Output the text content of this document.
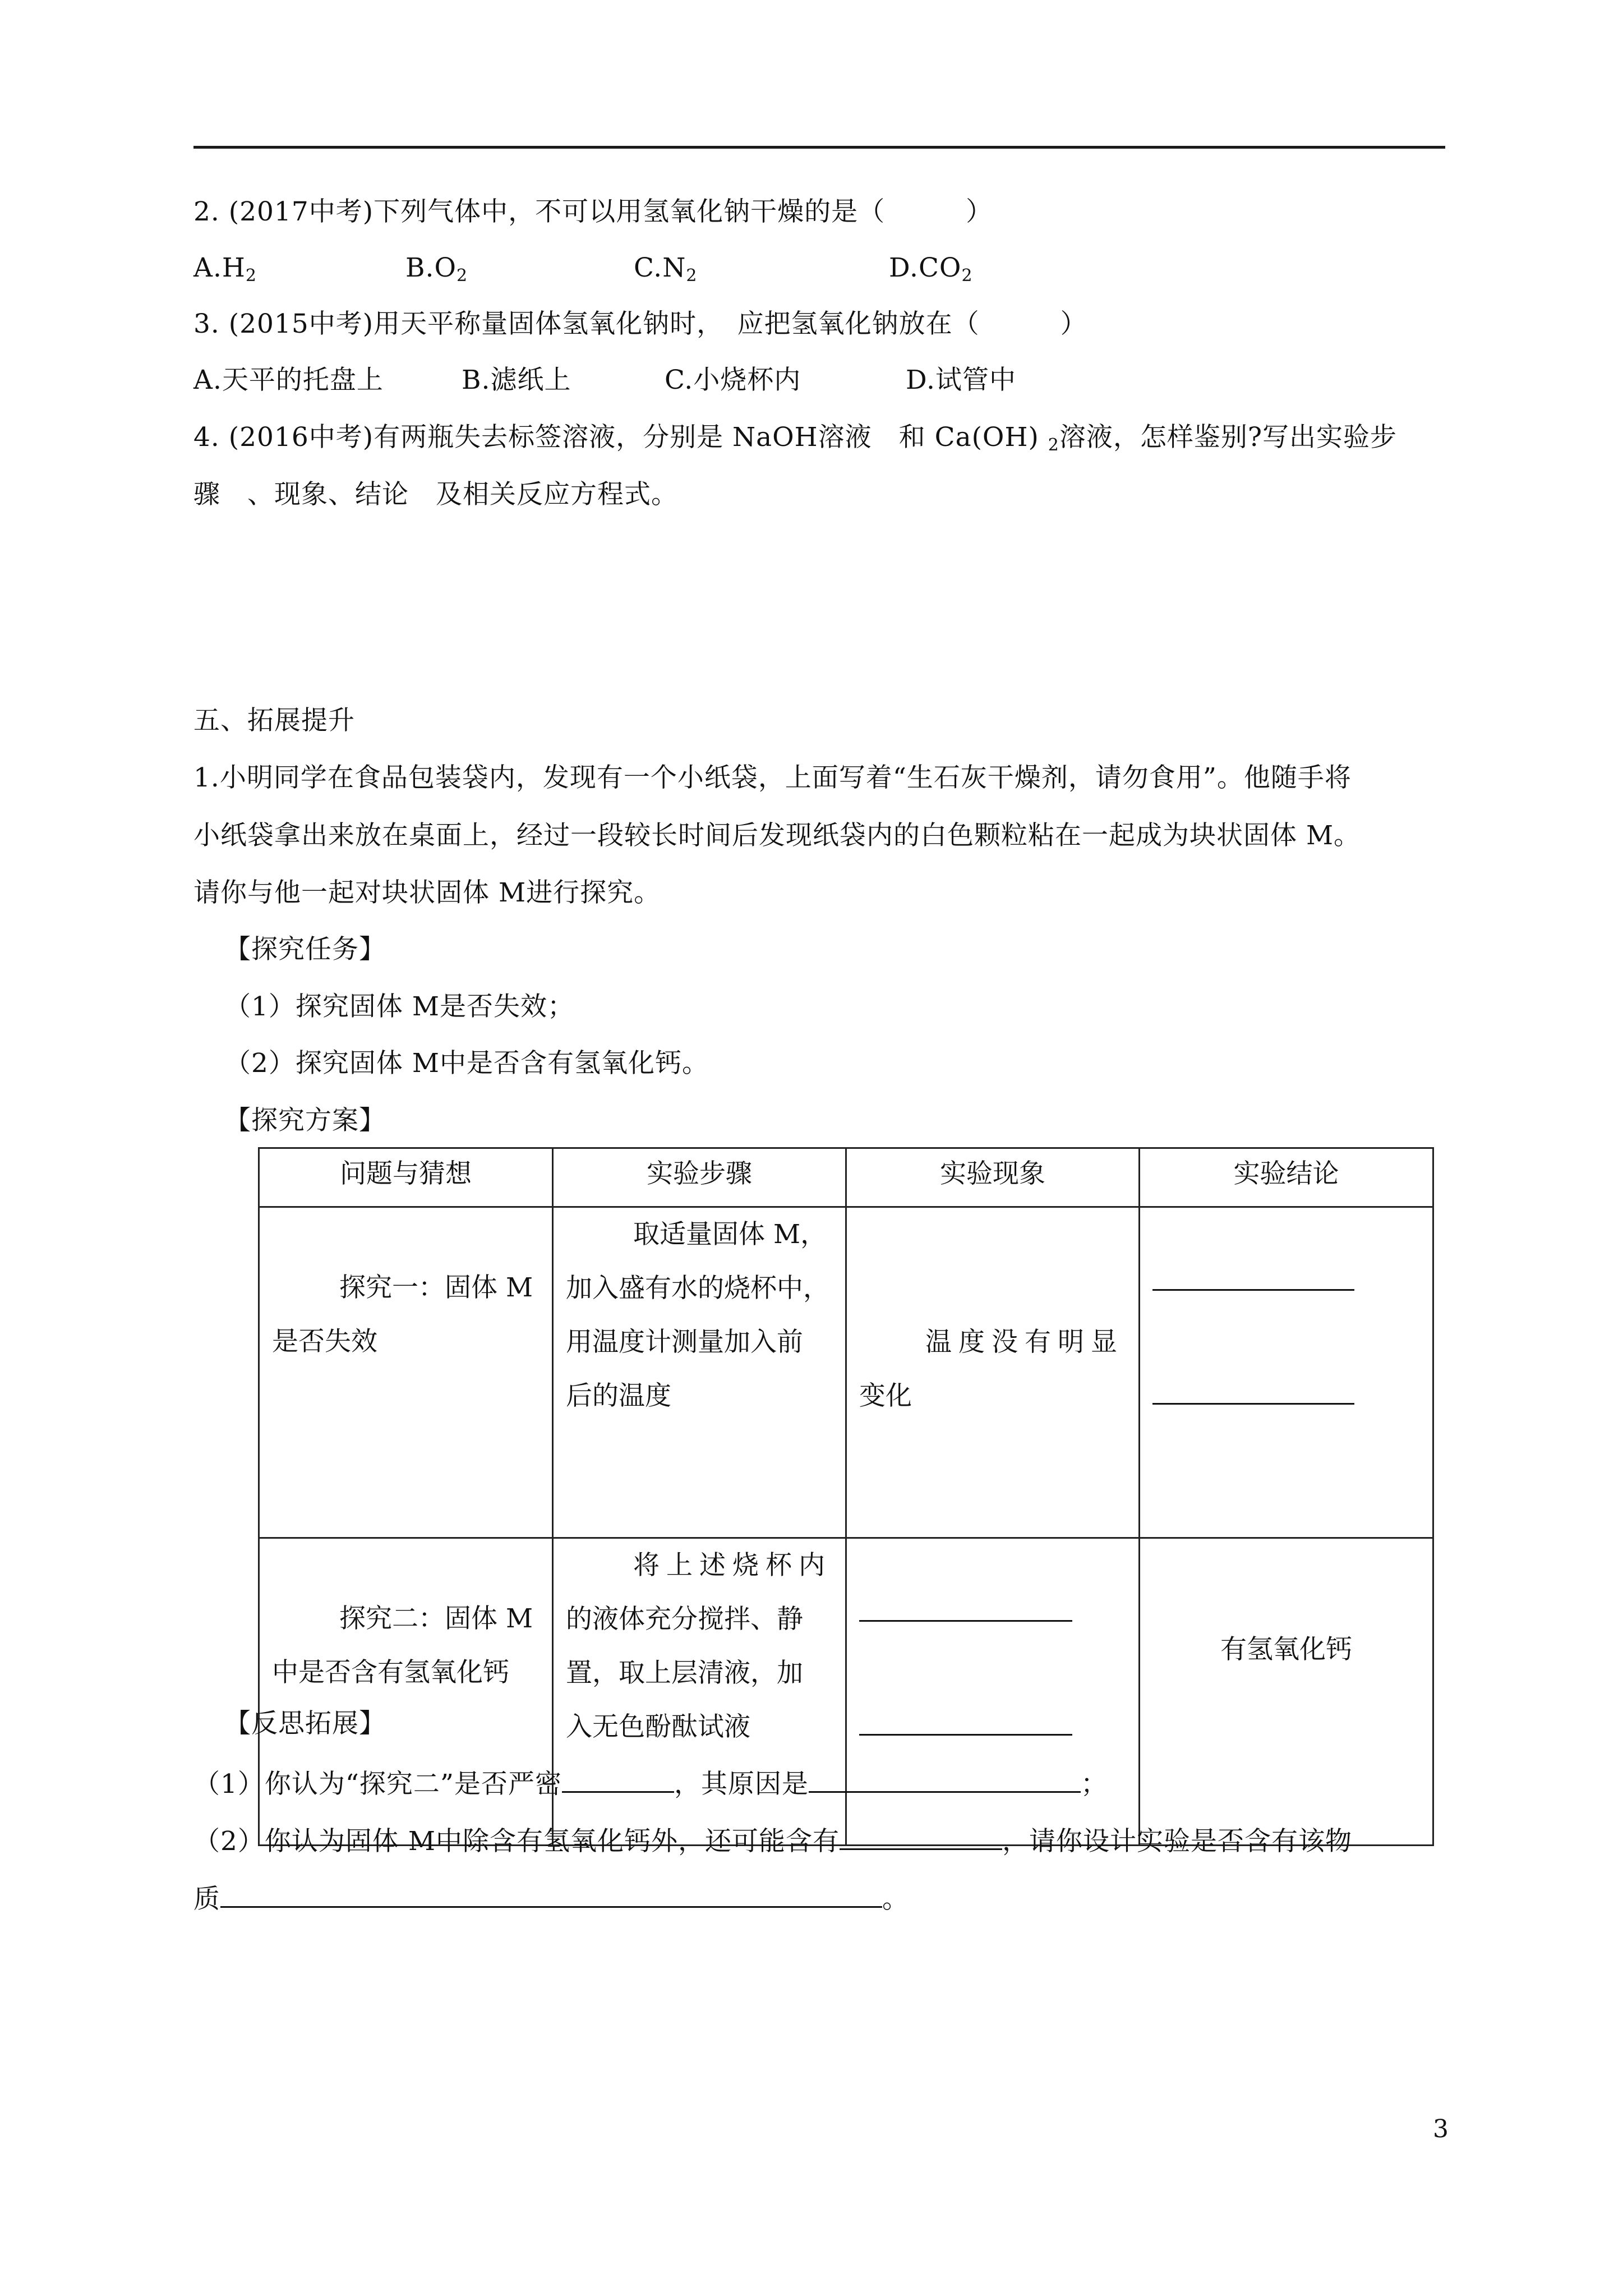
2. (2017中考)下列气体中，不可以用氢氧化钠干燥的是（　　　）
$A.H_2$	$B.O_2$	$C.N_2$	$D.CO_2$
3. (2015中考)用天平称量固体氢氧化钠时，　应把氢氧化钠放在（　　　）
A.天平的托盘上	B.滤纸上	C.小烧杯内	D.试管中
4. (2016中考)有两瓶失去标签溶液，分别是 NaOH溶液　和 Ca(OH) $_2$溶液，怎样鉴别?写出实验步
骤　、现象、结论　及相关反应方程式。
五、拓展提升
1.小明同学在食品包装袋内，发现有一个小纸袋，上面写着“生石灰干燥剂，请勿食用”。他随手将
小纸袋拿出来放在桌面上，经过一段较长时间后发现纸袋内的白色颗粒粘在一起成为块状固体 M。
请你与他一起对块状固体 M进行探究。
【探究任务】
（1）探究固体 M是否失效；
（2）探究固体 M中是否含有氢氧化钙。
【探究方案】
问题与猜想	实验步骤	实验现象	实验结论

探究一：固体 M
是否失效	取适量固体 M，
加入盛有水的烧杯中，
用温度计测量加入前
后的温度	温度没有明显
变化	

探究二：固体 M
中是否含有氢氧化钙	将上述烧杯内
的液体充分搅拌、静
置，取上层清液，加
入无色酚酞试液		有氢氧化钙
【反思拓展】
（1）你认为“探究二”是否严密	，其原因是	；
（2）你认为固体 M中除含有氢氧化钙外，还可能含有	，请你设计实验是否含有该物
质	。
3
